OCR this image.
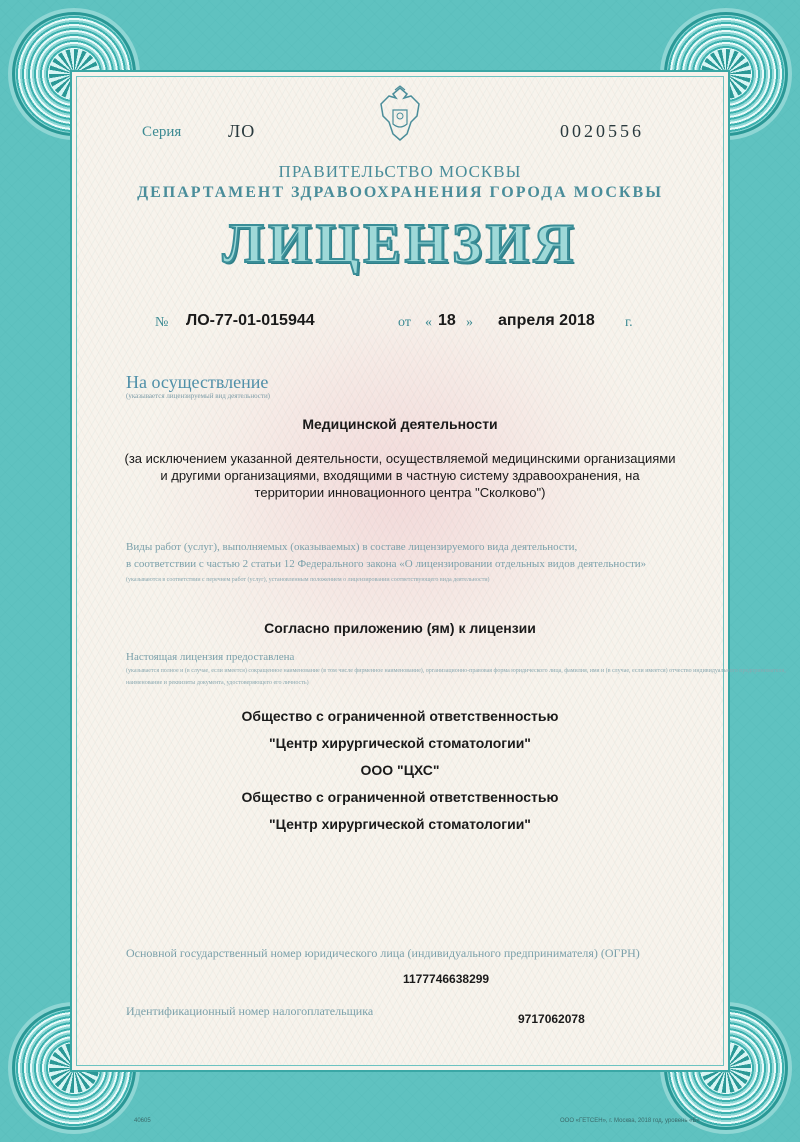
Серия	ЛО	0020556
ПРАВИТЕЛЬСТВО МОСКВЫ
ДЕПАРТАМЕНТ ЗДРАВООХРАНЕНИЯ ГОРОДА МОСКВЫ
ЛИЦЕНЗИЯ
№ ЛО-77-01-015944	от « 18 » апреля 2018 г.
На осуществление
(указывается лицензируемый вид деятельности)
Медицинской деятельности
(за исключением указанной деятельности, осуществляемой медицинскими организациями
и другими организациями, входящими в частную систему здравоохранения, на
территории инновационного центра "Сколково")
Виды работ (услуг), выполняемых (оказываемых) в составе лицензируемого вида деятельности,
в соответствии с частью 2 статьи 12 Федерального закона «О лицензировании отдельных видов деятельности»
(указываются в соответствии с перечнем работ (услуг), установленным положением о лицензировании соответствующего вида деятельности)
Согласно приложению (ям) к лицензии
Настоящая лицензия предоставлена
(указывается полное и (в случае, если имеется) сокращенное наименование (в том числе фирменное наименование), организационно-правовая форма юридического лица, фамилия, имя и (в случае, если имеется) отчество индивидуального предпринимателя,
наименование и реквизиты документа, удостоверяющего его личность)
Общество с ограниченной ответственностью
"Центр хирургической стоматологии"
ООО "ЦХС"
Общество с ограниченной ответственностью
"Центр хирургической стоматологии"
Основной государственный номер юридического лица (индивидуального предпринимателя) (ОГРН)
1177746638299
Идентификационный номер налогоплательщика
9717062078
40605	ООО «ГЕТСЕН», г. Москва, 2018 год, уровень «Б»
